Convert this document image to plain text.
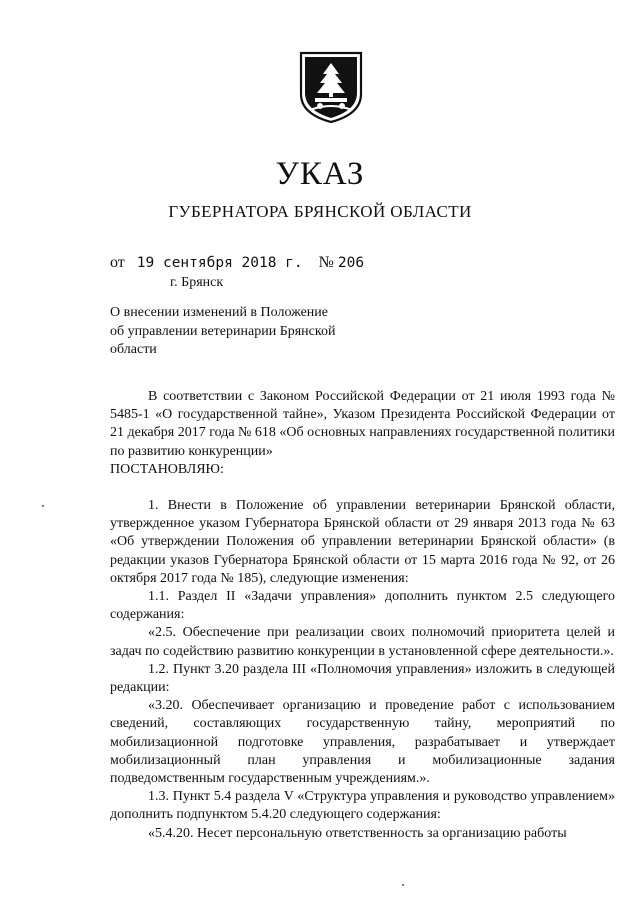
УКАЗ
ГУБЕРНАТОРА БРЯНСКОЙ ОБЛАСТИ
от 19 сентября 2018 г. № 206
г. Брянск
О внесении изменений в Положение
об управлении ветеринарии Брянской
области

В соответствии с Законом Российской Федерации от 21 июля 1993 года № 5485-1 «О государственной тайне», Указом Президента Российской Федерации от 21 декабря 2017 года № 618 «Об основных направлениях государственной политики по развитию конкуренции»

ПОСТАНОВЛЯЮ:

1. Внести в Положение об управлении ветеринарии Брянской области, утвержденное указом Губернатора Брянской области от 29 января 2013 года № 63 «Об утверждении Положения об управлении ветеринарии Брянской области» (в редакции указов Губернатора Брянской области от 15 марта 2016 года № 92, от 26 октября 2017 года № 185), следующие изменения:

1.1. Раздел II «Задачи управления» дополнить пунктом 2.5 следующего содержания:

«2.5. Обеспечение при реализации своих полномочий приоритета целей и задач по содействию развитию конкуренции в установленной сфере деятельности.».

1.2. Пункт 3.20 раздела III «Полномочия управления» изложить в следующей редакции:

«3.20. Обеспечивает организацию и проведение работ с использованием сведений, составляющих государственную тайну, мероприятий по мобилизационной подготовке управления, разрабатывает и утверждает мобилизационный план управления и мобилизационные задания подведомственным государственным учреждениям.».

1.3. Пункт 5.4 раздела V «Структура управления и руководство управлением» дополнить подпунктом 5.4.20 следующего содержания:

«5.4.20. Несет персональную ответственность за организацию работы
